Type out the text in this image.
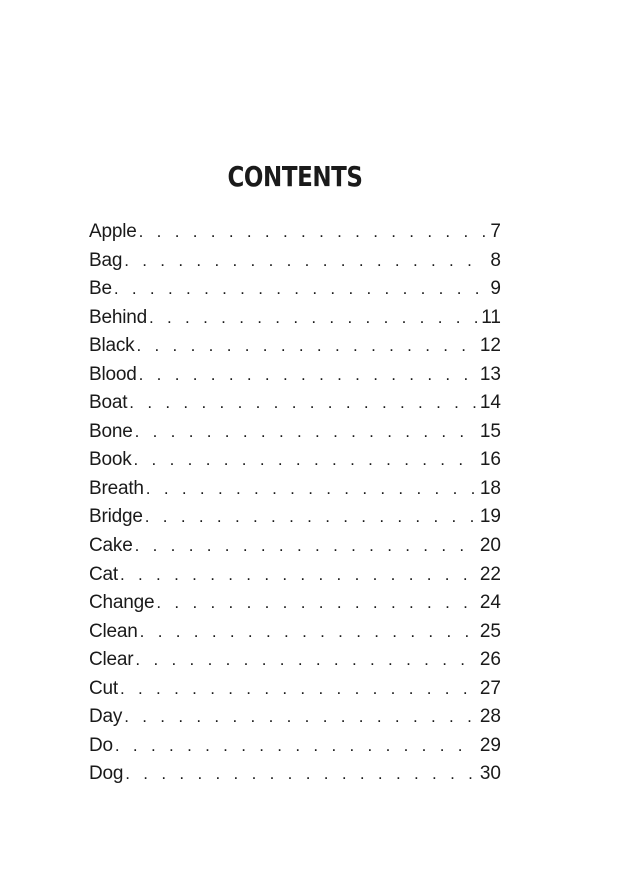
CONTENTS
Apple . . .	7
Bag . . .	8
Be . . .	9
Behind . . .	11
Black . . .	12
Blood . . .	13
Boat . . .	14
Bone . . .	15
Book . . .	16
Breath . . .	18
Bridge . . .	19
Cake . . .	20
Cat . . .	22
Change . . .	24
Clean . . .	25
Clear . . .	26
Cut . . .	27
Day . . .	28
Do . . .	29
Dog . . .	30
